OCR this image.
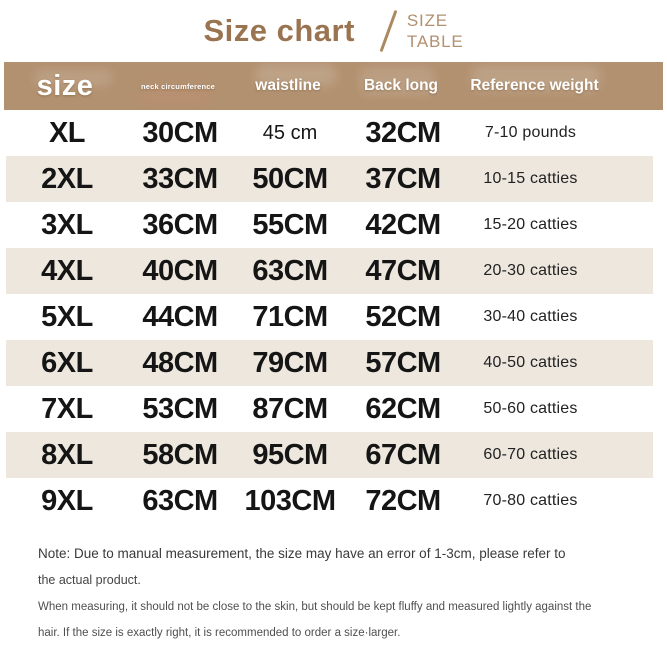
Size chart	SIZE
TABLE
size	neck circumference	waistline	Back long	Reference weight
XL	30CM	45 cm	32CM	7-10 pounds
2XL	33CM	50CM	37CM	10-15 catties
3XL	36CM	55CM	42CM	15-20 catties
4XL	40CM	63CM	47CM	20-30 catties
5XL	44CM	71CM	52CM	30-40 catties
6XL	48CM	79CM	57CM	40-50 catties
7XL	53CM	87CM	62CM	50-60 catties
8XL	58CM	95CM	67CM	60-70 catties
9XL	63CM 103CM	72CM	70-80 catties
Note: Due to manual measurement, the size may have an error of 1-3cm, please refer to
the actual product.
When measuring, it should not be close to the skin, but should be kept fluffy and measured lightly against the
hair. If the size is exactly right, it is recommended to order a size·larger.
